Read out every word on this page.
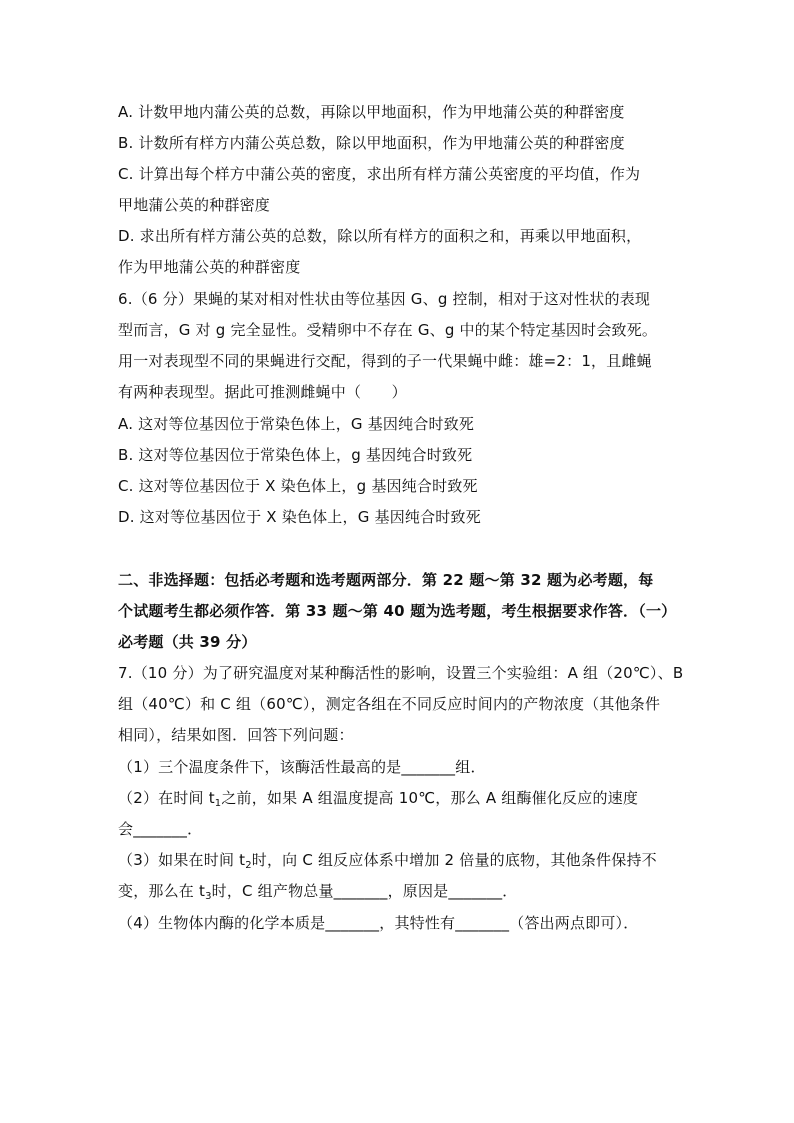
A. 计数甲地内蒲公英的总数，再除以甲地面积，作为甲地蒲公英的种群密度
B. 计数所有样方内蒲公英总数，除以甲地面积，作为甲地蒲公英的种群密度
C. 计算出每个样方中蒲公英的密度，求出所有样方蒲公英密度的平均值，作为
甲地蒲公英的种群密度
D. 求出所有样方蒲公英的总数，除以所有样方的面积之和，再乘以甲地面积，
作为甲地蒲公英的种群密度
6.（6 分）果蝇的某对相对性状由等位基因 G、g 控制，相对于这对性状的表现
型而言，G 对 g 完全显性。受精卵中不存在 G、g 中的某个特定基因时会致死。
用一对表现型不同的果蝇进行交配，得到的子一代果蝇中雌：雄=2：1，且雌蝇
有两种表现型。据此可推测雌蝇中（　　）
A. 这对等位基因位于常染色体上，G 基因纯合时致死
B. 这对等位基因位于常染色体上，g 基因纯合时致死
C. 这对等位基因位于 X 染色体上，g 基因纯合时致死
D. 这对等位基因位于 X 染色体上，G 基因纯合时致死
二、非选择题：包括必考题和选考题两部分．第 22 题～第 32 题为必考题，每
个试题考生都必须作答．第 33 题～第 40 题为选考题，考生根据要求作答．（一）
必考题（共 39 分）
7.（10 分）为了研究温度对某种酶活性的影响，设置三个实验组：A 组（20℃）、B
组（40℃）和 C 组（60℃），测定各组在不同反应时间内的产物浓度（其他条件
相同），结果如图．回答下列问题：
（1）三个温度条件下，该酶活性最高的是_______组．
（2）在时间 $t_1$之前，如果 A 组温度提高 10℃，那么 A 组酶催化反应的速度
会_______．
（3）如果在时间 $t_2$时，向 C 组反应体系中增加 2 倍量的底物，其他条件保持不
变，那么在 $t_3$时，C 组产物总量_______，原因是_______．
（4）生物体内酶的化学本质是_______，其特性有_______（答出两点即可）．
